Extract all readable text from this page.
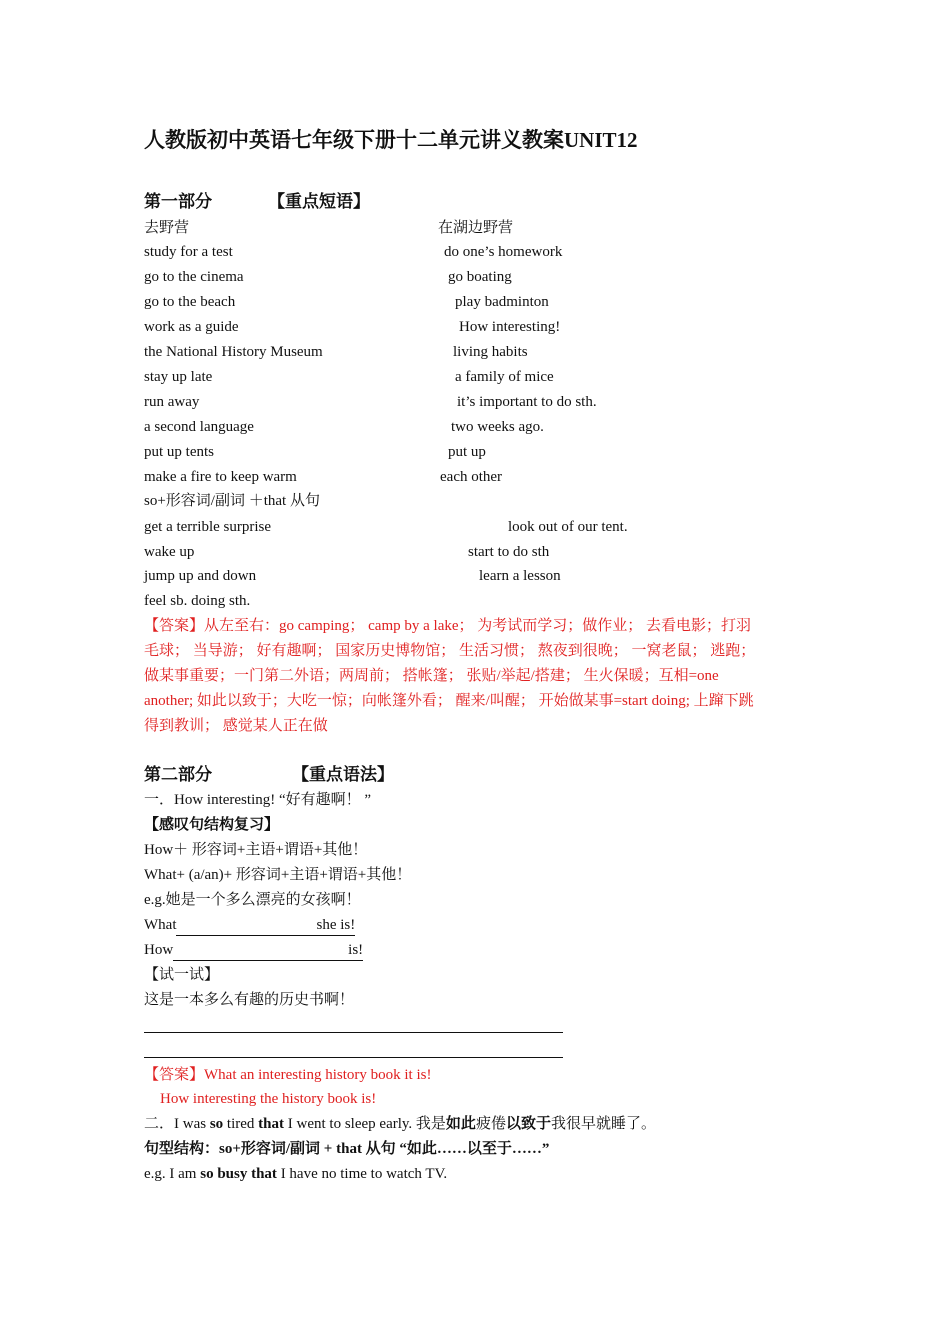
人教版初中英语七年级下册十二单元讲义教案UNIT12
第一部分	【重点短语】
去野营	在湖边野营
study for a test	do one’s homework
go to the cinema	go boating
go to the beach	play badminton
work as a guide	How interesting!
the National History Museum	living habits
stay up late	a family of mice
run away	it’s important to do sth.
a second language	two weeks ago.
put up tents	put up
make a fire to keep warm	each other
so+形容词/副词 ＋that 从句
get a terrible surprise	look out of our tent.
wake up	start to do sth
jump up and down	learn a lesson
feel sb. doing sth.
【答案】从左至右：go camping； camp by a lake； 为考试而学习；做作业； 去看电影；打羽
毛球； 当导游； 好有趣啊； 国家历史博物馆； 生活习惯； 熬夜到很晚； 一窝老鼠； 逃跑；
做某事重要；一门第二外语；两周前； 搭帐篷； 张贴/举起/搭建； 生火保暖；互相=one
another; 如此以致于；大吃一惊；向帐篷外看； 醒来/叫醒； 开始做某事=start doing; 上蹿下跳
得到教训； 感觉某人正在做
第二部分	【重点语法】
一．How interesting! “好有趣啊！ ”
【感叹句结构复习】
How＋ 形容词+主语+谓语+其他！
What+ (a/an)+ 形容词+主语+谓语+其他！
e.g.她是一个多么漂亮的女孩啊！
What	she is!
How	is!
【试一试】
这是一本多么有趣的历史书啊！
【答案】What an interesting history book it is!
How interesting the history book is!
二．I was so tired that I went to sleep early. 我是如此疲倦以致于我很早就睡了。
句型结构：so+形容词/副词 + that 从句 “如此……以至于……”
e.g. I am so busy that I have no time to watch TV.
